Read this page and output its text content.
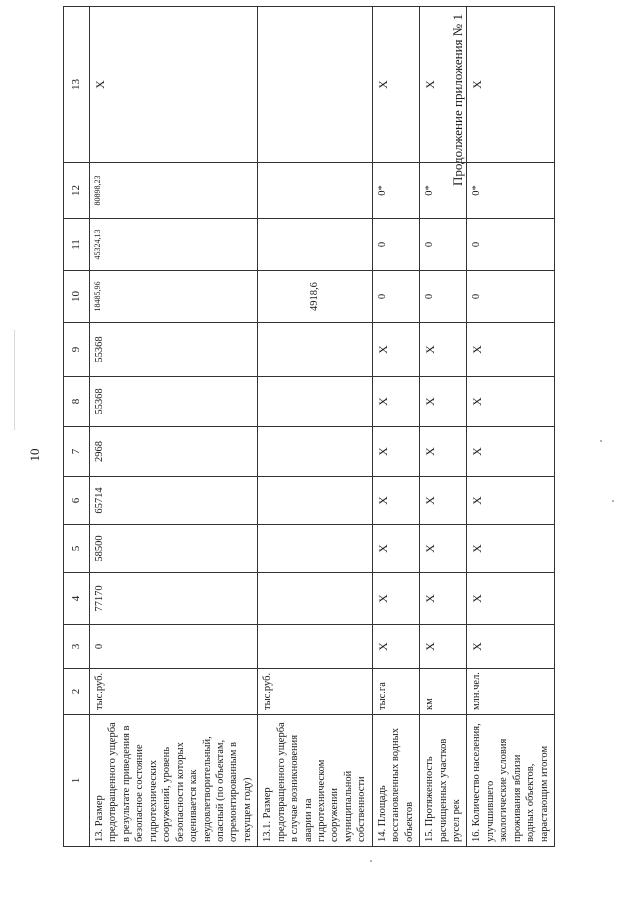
10
Продолжение приложения № 1
1	2	3	4	5	6	7	8	9	10	11	12	13
13. Размер предотвращенного ущерба в результате приведения в безопасное состояние гидротехнических сооружений, уровень безопасности которых оценивается как неудовлетворительный, опасный (по объектам, отремонтированным в текущем году)	тыс.руб.	0	77170	58500	65714	2968	55368	55368	18485,96	45324,13	80898,23	X
13.1. Размер предотвращенного ущерба в случае возникновения аварии на гидротехническом сооружении муниципальной собственности	тыс.руб.								4918,6			
14. Площадь восстановленных водных объектов	тыс.га	X	X	X	X	X	X	X	0	0	0*	X
15. Протяженность расчищенных участков русел рек	км	X	X	X	X	X	X	X	0	0	0*	X
16. Количество населения, улучшившего экологические условия проживания вблизи водных объектов, нарастающим итогом	млн.чел.	X	X	X	X	X	X	X	0	0	0*	X
